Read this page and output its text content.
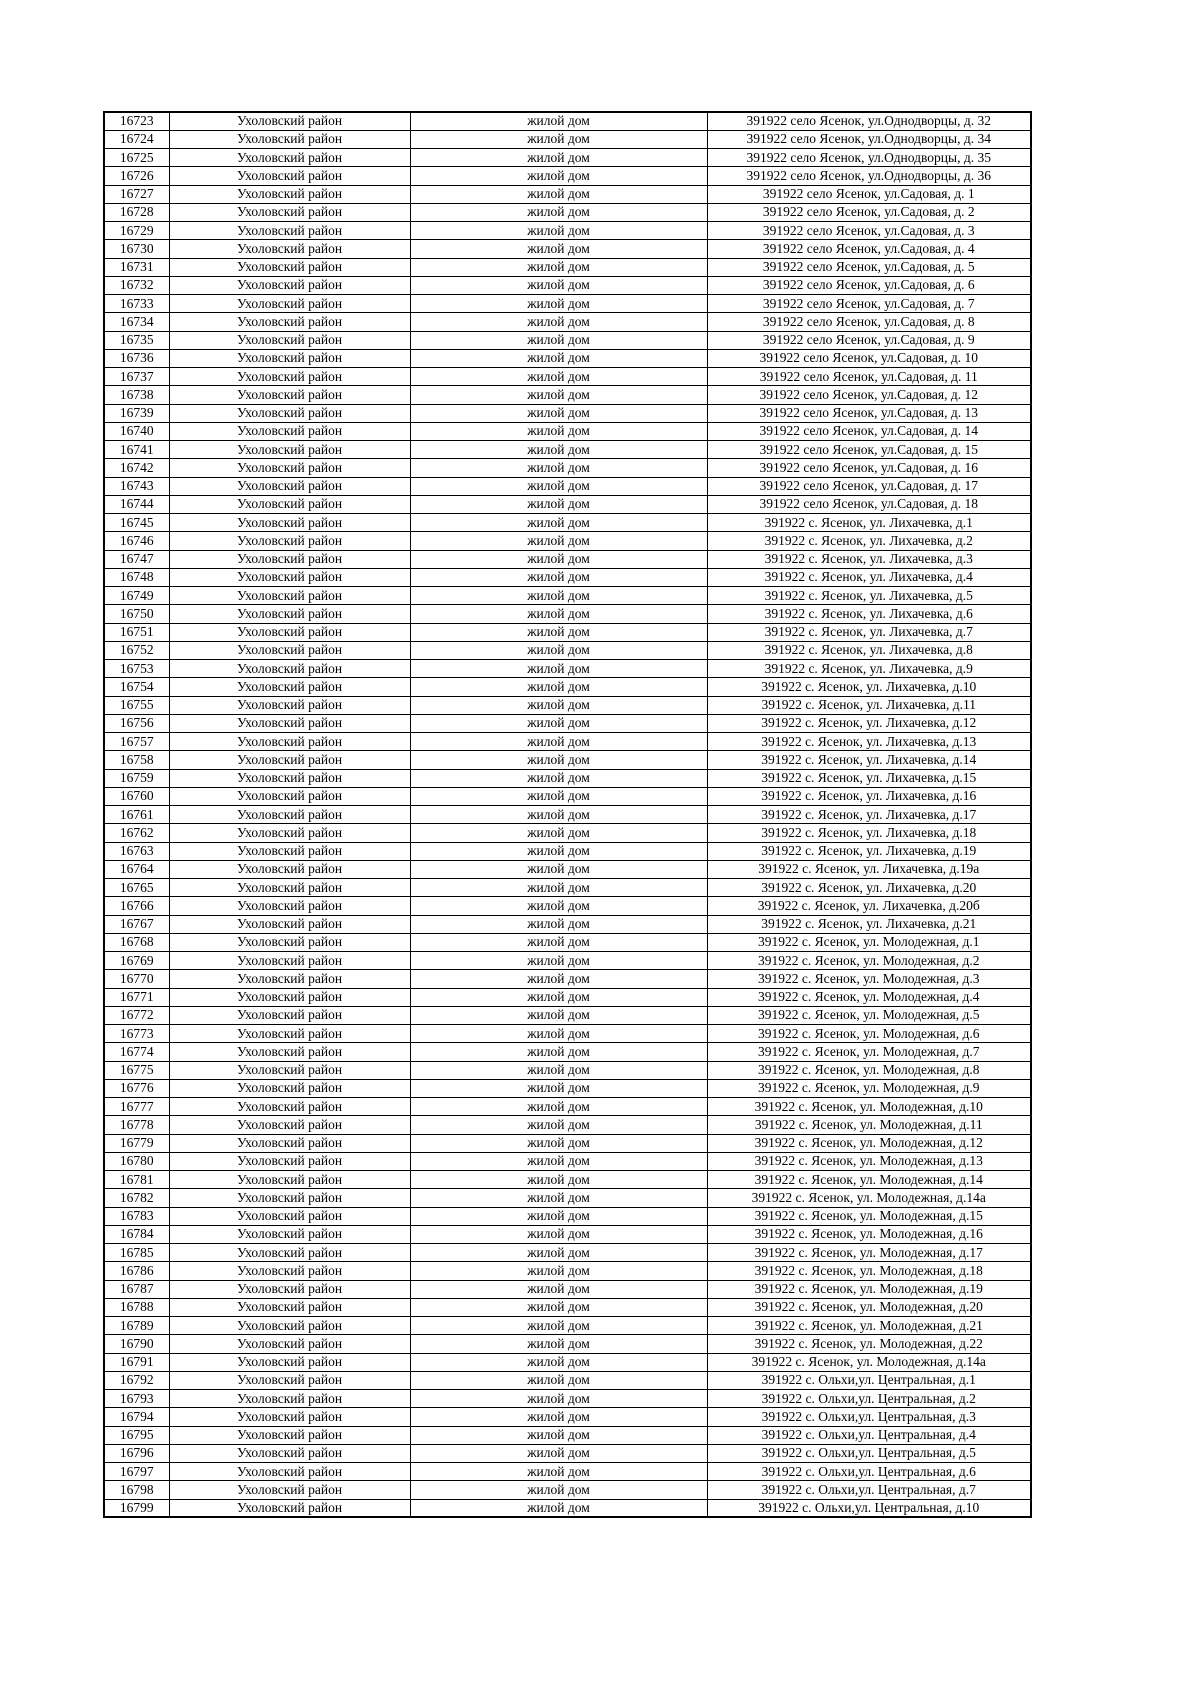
16723	Ухоловский район	жилой дом	391922 село Ясенок, ул.Однодворцы, д. 32
16724	Ухоловский район	жилой дом	391922 село Ясенок, ул.Однодворцы, д. 34
16725	Ухоловский район	жилой дом	391922 село Ясенок, ул.Однодворцы, д. 35
16726	Ухоловский район	жилой дом	391922 село Ясенок, ул.Однодворцы, д. 36
16727	Ухоловский район	жилой дом	391922 село Ясенок, ул.Садовая, д. 1
16728	Ухоловский район	жилой дом	391922 село Ясенок, ул.Садовая, д. 2
16729	Ухоловский район	жилой дом	391922 село Ясенок, ул.Садовая, д. 3
16730	Ухоловский район	жилой дом	391922 село Ясенок, ул.Садовая, д. 4
16731	Ухоловский район	жилой дом	391922 село Ясенок, ул.Садовая, д. 5
16732	Ухоловский район	жилой дом	391922 село Ясенок, ул.Садовая, д. 6
16733	Ухоловский район	жилой дом	391922 село Ясенок, ул.Садовая, д. 7
16734	Ухоловский район	жилой дом	391922 село Ясенок, ул.Садовая, д. 8
16735	Ухоловский район	жилой дом	391922 село Ясенок, ул.Садовая, д. 9
16736	Ухоловский район	жилой дом	391922 село Ясенок, ул.Садовая, д. 10
16737	Ухоловский район	жилой дом	391922 село Ясенок, ул.Садовая, д. 11
16738	Ухоловский район	жилой дом	391922 село Ясенок, ул.Садовая, д. 12
16739	Ухоловский район	жилой дом	391922 село Ясенок, ул.Садовая, д. 13
16740	Ухоловский район	жилой дом	391922 село Ясенок, ул.Садовая, д. 14
16741	Ухоловский район	жилой дом	391922 село Ясенок, ул.Садовая, д. 15
16742	Ухоловский район	жилой дом	391922 село Ясенок, ул.Садовая, д. 16
16743	Ухоловский район	жилой дом	391922 село Ясенок, ул.Садовая, д. 17
16744	Ухоловский район	жилой дом	391922 село Ясенок, ул.Садовая, д. 18
16745	Ухоловский район	жилой дом	391922 с. Ясенок, ул. Лихачевка, д.1
16746	Ухоловский район	жилой дом	391922 с. Ясенок, ул. Лихачевка, д.2
16747	Ухоловский район	жилой дом	391922 с. Ясенок, ул. Лихачевка, д.3
16748	Ухоловский район	жилой дом	391922 с. Ясенок, ул. Лихачевка, д.4
16749	Ухоловский район	жилой дом	391922 с. Ясенок, ул. Лихачевка, д.5
16750	Ухоловский район	жилой дом	391922 с. Ясенок, ул. Лихачевка, д.6
16751	Ухоловский район	жилой дом	391922 с. Ясенок, ул. Лихачевка, д.7
16752	Ухоловский район	жилой дом	391922 с. Ясенок, ул. Лихачевка, д.8
16753	Ухоловский район	жилой дом	391922 с. Ясенок, ул. Лихачевка, д.9
16754	Ухоловский район	жилой дом	391922 с. Ясенок, ул. Лихачевка, д.10
16755	Ухоловский район	жилой дом	391922 с. Ясенок, ул. Лихачевка, д.11
16756	Ухоловский район	жилой дом	391922 с. Ясенок, ул. Лихачевка, д.12
16757	Ухоловский район	жилой дом	391922 с. Ясенок, ул. Лихачевка, д.13
16758	Ухоловский район	жилой дом	391922 с. Ясенок, ул. Лихачевка, д.14
16759	Ухоловский район	жилой дом	391922 с. Ясенок, ул. Лихачевка, д.15
16760	Ухоловский район	жилой дом	391922 с. Ясенок, ул. Лихачевка, д.16
16761	Ухоловский район	жилой дом	391922 с. Ясенок, ул. Лихачевка, д.17
16762	Ухоловский район	жилой дом	391922 с. Ясенок, ул. Лихачевка, д.18
16763	Ухоловский район	жилой дом	391922 с. Ясенок, ул. Лихачевка, д.19
16764	Ухоловский район	жилой дом	391922 с. Ясенок, ул. Лихачевка, д.19а
16765	Ухоловский район	жилой дом	391922 с. Ясенок, ул. Лихачевка, д.20
16766	Ухоловский район	жилой дом	391922 с. Ясенок, ул. Лихачевка, д.20б
16767	Ухоловский район	жилой дом	391922 с. Ясенок, ул. Лихачевка, д.21
16768	Ухоловский район	жилой дом	391922 с. Ясенок, ул. Молодежная, д.1
16769	Ухоловский район	жилой дом	391922 с. Ясенок, ул. Молодежная, д.2
16770	Ухоловский район	жилой дом	391922 с. Ясенок, ул. Молодежная, д.3
16771	Ухоловский район	жилой дом	391922 с. Ясенок, ул. Молодежная, д.4
16772	Ухоловский район	жилой дом	391922 с. Ясенок, ул. Молодежная, д.5
16773	Ухоловский район	жилой дом	391922 с. Ясенок, ул. Молодежная, д.6
16774	Ухоловский район	жилой дом	391922 с. Ясенок, ул. Молодежная, д.7
16775	Ухоловский район	жилой дом	391922 с. Ясенок, ул. Молодежная, д.8
16776	Ухоловский район	жилой дом	391922 с. Ясенок, ул. Молодежная, д.9
16777	Ухоловский район	жилой дом	391922 с. Ясенок, ул. Молодежная, д.10
16778	Ухоловский район	жилой дом	391922 с. Ясенок, ул. Молодежная, д.11
16779	Ухоловский район	жилой дом	391922 с. Ясенок, ул. Молодежная, д.12
16780	Ухоловский район	жилой дом	391922 с. Ясенок, ул. Молодежная, д.13
16781	Ухоловский район	жилой дом	391922 с. Ясенок, ул. Молодежная, д.14
16782	Ухоловский район	жилой дом	391922 с. Ясенок, ул. Молодежная, д.14а
16783	Ухоловский район	жилой дом	391922 с. Ясенок, ул. Молодежная, д.15
16784	Ухоловский район	жилой дом	391922 с. Ясенок, ул. Молодежная, д.16
16785	Ухоловский район	жилой дом	391922 с. Ясенок, ул. Молодежная, д.17
16786	Ухоловский район	жилой дом	391922 с. Ясенок, ул. Молодежная, д.18
16787	Ухоловский район	жилой дом	391922 с. Ясенок, ул. Молодежная, д.19
16788	Ухоловский район	жилой дом	391922 с. Ясенок, ул. Молодежная, д.20
16789	Ухоловский район	жилой дом	391922 с. Ясенок, ул. Молодежная, д.21
16790	Ухоловский район	жилой дом	391922 с. Ясенок, ул. Молодежная, д.22
16791	Ухоловский район	жилой дом	391922 с. Ясенок, ул. Молодежная, д.14а
16792	Ухоловский район	жилой дом	391922 с. Ольхи,ул. Центральная, д.1
16793	Ухоловский район	жилой дом	391922 с. Ольхи,ул. Центральная, д.2
16794	Ухоловский район	жилой дом	391922 с. Ольхи,ул. Центральная, д.3
16795	Ухоловский район	жилой дом	391922 с. Ольхи,ул. Центральная, д.4
16796	Ухоловский район	жилой дом	391922 с. Ольхи,ул. Центральная, д.5
16797	Ухоловский район	жилой дом	391922 с. Ольхи,ул. Центральная, д.6
16798	Ухоловский район	жилой дом	391922 с. Ольхи,ул. Центральная, д.7
16799	Ухоловский район	жилой дом	391922 с. Ольхи,ул. Центральная, д.10
